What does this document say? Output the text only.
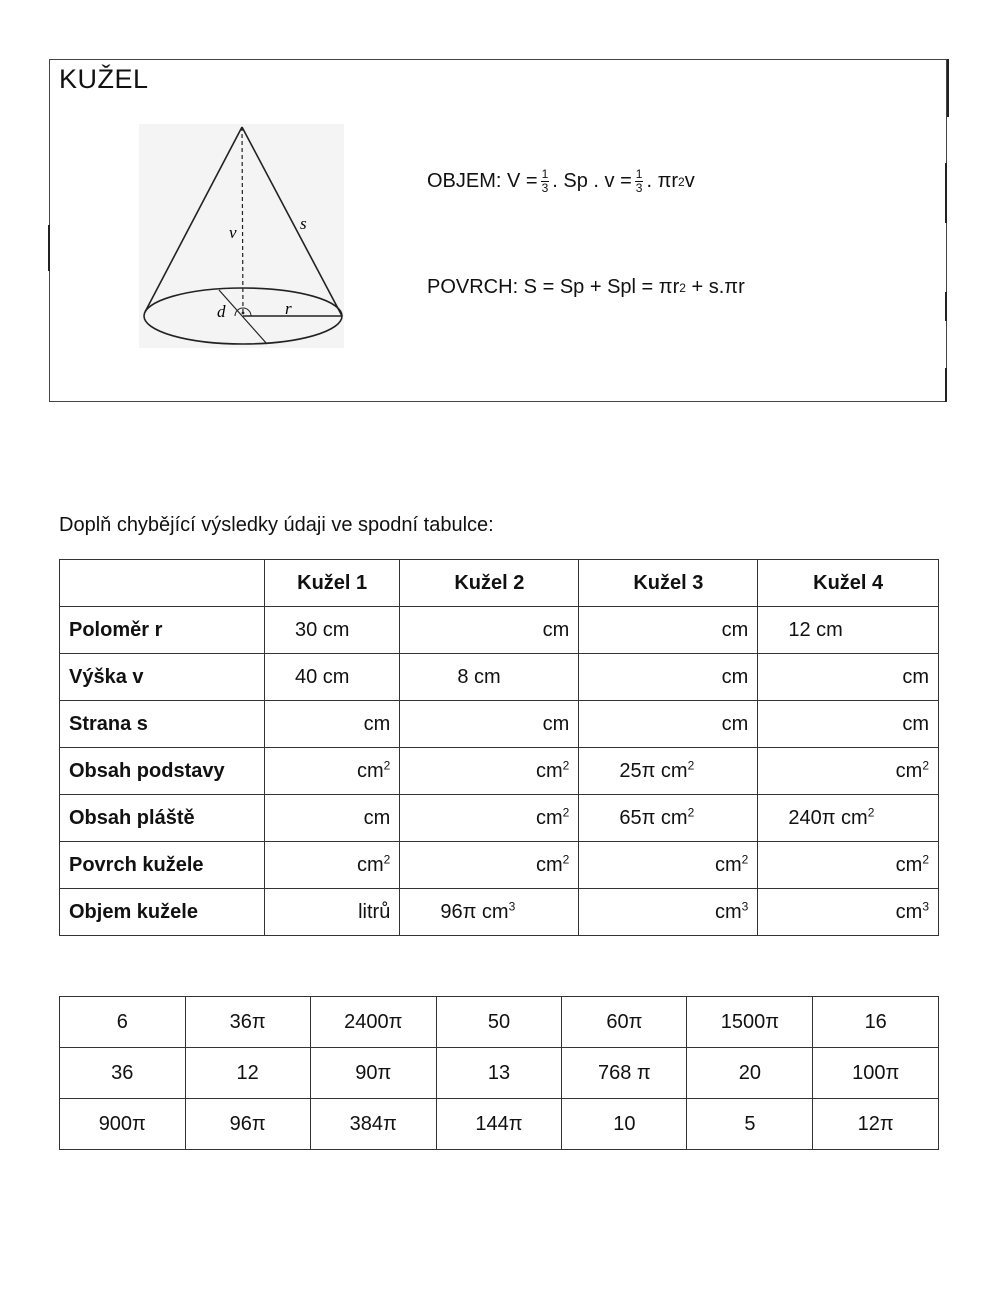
KUŽEL
v	s
d	r
OBJEM: $V = \frac{1}{3}$ . Sp . $v = \frac{1}{3}$ . πr 2 v
POVRCH: S = Sp + Spl = πr 2 + s.πr
Doplň chybějící výsledky údaji ve spodní tabulce:
	Kužel 1	Kužel 2	Kužel 3	Kužel 4
Poloměr r	30 cm	cm	cm	12 cm
Výška v	40 cm	8 cm	cm	cm
Strana s	cm	cm	cm	cm
Obsah podstavy	$cm^2$	$cm^2$	25π $cm^2$	$cm^2$
Obsah pláště	cm	$cm^2$	65π $cm^2$	240π $cm^2$
Povrch kužele	$cm^2$	$cm^2$	$cm^2$	$cm^2$
Objem kužele	litrů	96π $cm^3$	$cm^3$	$cm^3$
6	36π	2400π	50	60π	1500π	16
36	12	90π	13	768 π	20	100π
900π	96π	384π	144π	10	5	12π
